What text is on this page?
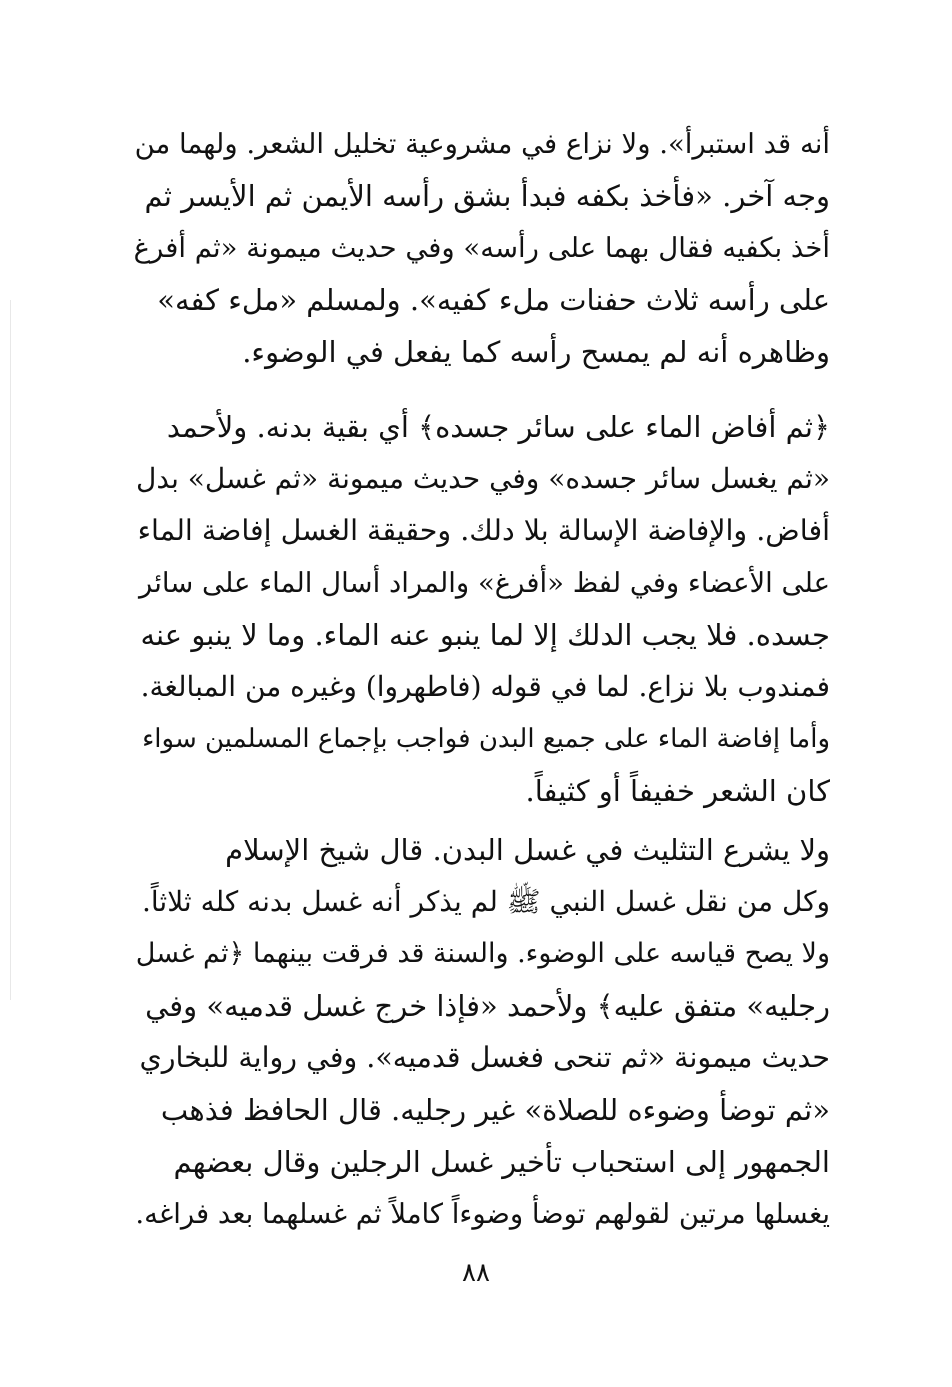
أنه قد استبرأ». ولا نزاع في مشروعية تخليل الشعر. ولهما من
وجه آخر. «فأخذ بكفه فبدأ بشق رأسه الأيمن ثم الأيسر ثم
أخذ بكفيه فقال بهما على رأسه» وفي حديث ميمونة «ثم أفرغ
على رأسه ثلاث حفنات ملء كفيه». ولمسلم «ملء كفه»
وظاهره أنه لم يمسح رأسه كما يفعل في الوضوء.
﴿ثم أفاض الماء على سائر جسده﴾ أي بقية بدنه. ولأحمد
«ثم يغسل سائر جسده» وفي حديث ميمونة «ثم غسل» بدل
أفاض. والإفاضة الإسالة بلا دلك. وحقيقة الغسل إفاضة الماء
على الأعضاء وفي لفظ «أفرغ» والمراد أسال الماء على سائر
جسده. فلا يجب الدلك إلا لما ينبو عنه الماء. وما لا ينبو عنه
فمندوب بلا نزاع. لما في قوله (فاطهروا) وغيره من المبالغة.
وأما إفاضة الماء على جميع البدن فواجب بإجماع المسلمين سواء
كان الشعر خفيفاً أو كثيفاً.
ولا يشرع التثليث في غسل البدن. قال شيخ الإسلام
وكل من نقل غسل النبي ﷺ لم يذكر أنه غسل بدنه كله ثلاثاً.
ولا يصح قياسه على الوضوء. والسنة قد فرقت بينهما ﴿ثم غسل
رجليه» متفق عليه﴾ ولأحمد «فإذا خرج غسل قدميه» وفي
حديث ميمونة «ثم تنحى فغسل قدميه». وفي رواية للبخاري
«ثم توضأ وضوءه للصلاة» غير رجليه. قال الحافظ فذهب
الجمهور إلى استحباب تأخير غسل الرجلين وقال بعضهم
يغسلها مرتين لقولهم توضأ وضوءاً كاملاً ثم غسلهما بعد فراغه.
٨٨
